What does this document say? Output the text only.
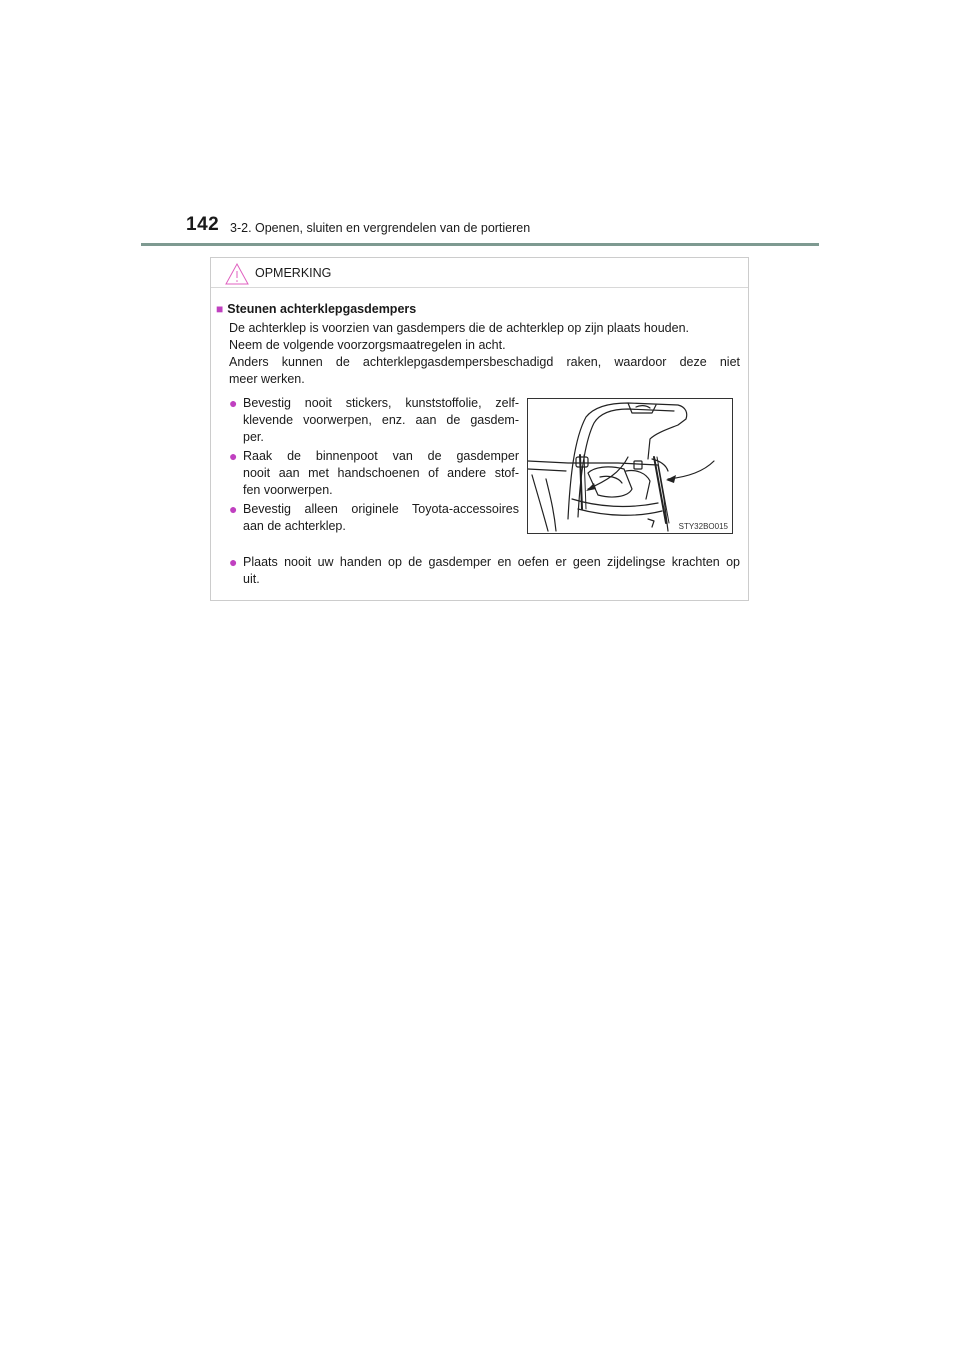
142 3-2. Openen, sluiten en vergrendelen van de portieren
OPMERKING
■ Steunen achterklepgasdempers
De achterklep is voorzien van gasdempers die de achterklep op zijn plaats houden.
Neem de volgende voorzorgsmaatregelen in acht.
Anders kunnen de achterklepgasdempersbeschadigd raken, waardoor deze niet
meer werken.
● Bevestig nooit stickers, kunststoffolie, zelf-
klevende voorwerpen, enz. aan de gasdem-
per.
● Raak de binnenpoot van de gasdemper
nooit aan met handschoenen of andere stof-
fen voorwerpen.
● Bevestig alleen originele Toyota-accessoires
aan de achterklep.
● Plaats nooit uw handen op de gasdemper en oefen er geen zijdelingse krachten op
uit.
STY32BO015
